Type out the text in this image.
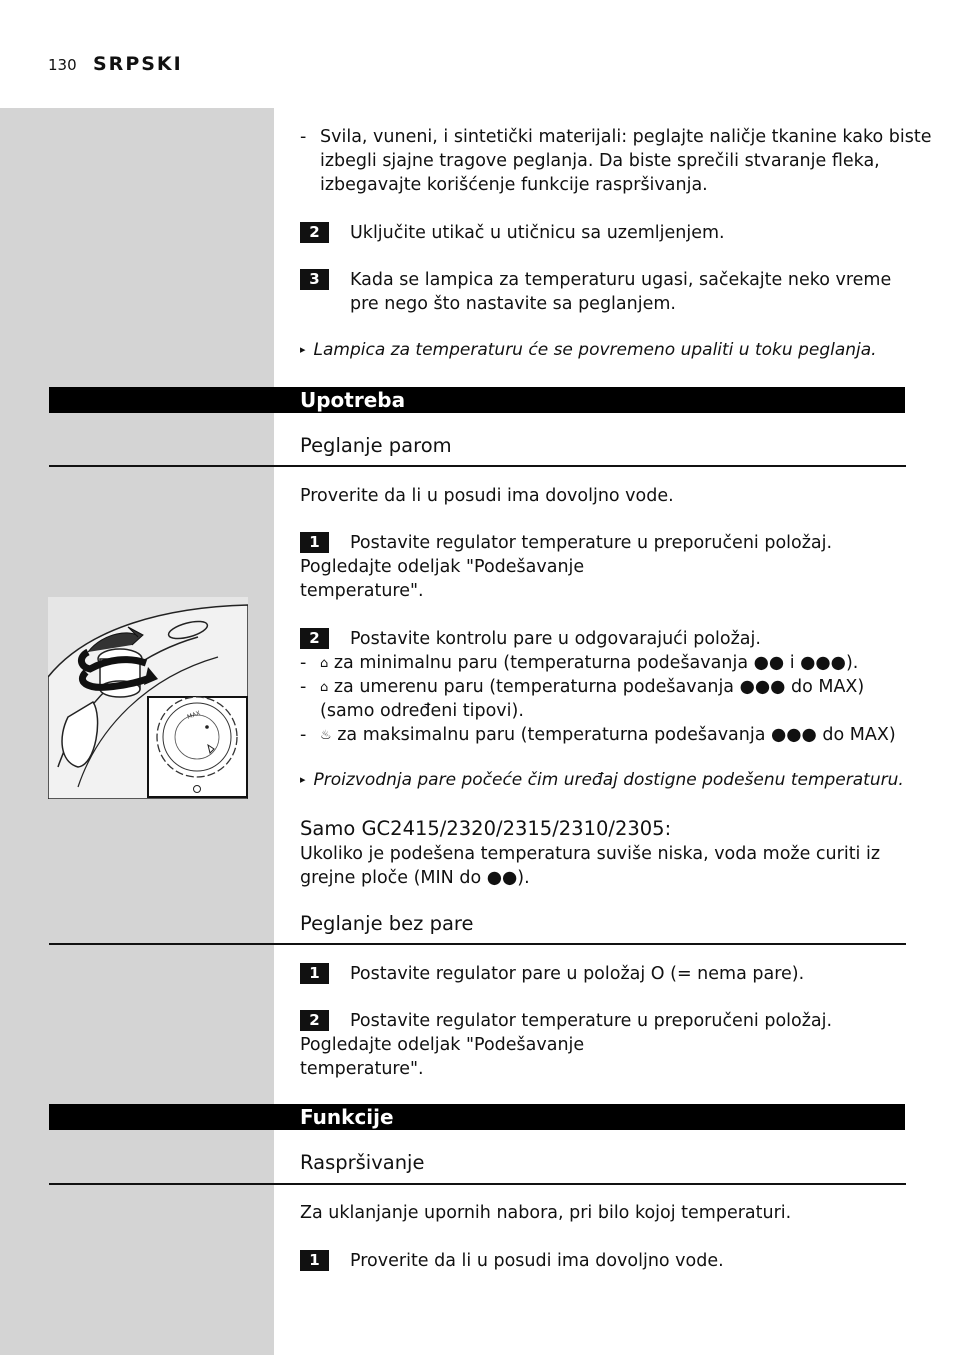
130 SRPSKI
- Svila, vuneni, i sintetički materijali: peglajte naličje tkanine kako biste
izbegli sjajne tragove peglanja. Da biste sprečili stvaranje fleka,
izbegavajte korišćenje funkcije raspršivanja.
2	Uključite utikač u utičnicu sa uzemljenjem.
3	Kada se lampica za temperaturu ugasi, sačekajte neko vreme
pre nego što nastavite sa peglanjem.
▸ Lampica za temperaturu će se povremeno upaliti u toku peglanja.
Upotreba
Peglanje parom
Proverite da li u posudi ima dovoljno vode.
1	Postavite regulator temperature u preporučeni položaj.
Pogledajte odeljak "Podešavanje
temperature".
2	Postavite kontrolu pare u odgovarajući položaj.
- ⌂ za minimalnu paru (temperaturna podešavanja ●● i ●●●).
- ⌂ za umerenu paru (temperaturna podešavanja ●●● do MAX)
(samo određeni tipovi).
- ♨ za maksimalnu paru (temperaturna podešavanja ●●● do MAX)
▸ Proizvodnja pare počeće čim uređaj dostigne podešenu temperaturu.
Samo GC2415/2320/2315/2310/2305:
Ukoliko je podešena temperatura suviše niska, voda može curiti iz
grejne ploče (MIN do ●●).
Peglanje bez pare
1	Postavite regulator pare u položaj O (= nema pare).
2	Postavite regulator temperature u preporučeni položaj.
Pogledajte odeljak "Podešavanje
temperature".
Funkcije
Raspršivanje
Za uklanjanje upornih nabora, pri bilo kojoj temperaturi.
1	Proverite da li u posudi ima dovoljno vode.
MAX
